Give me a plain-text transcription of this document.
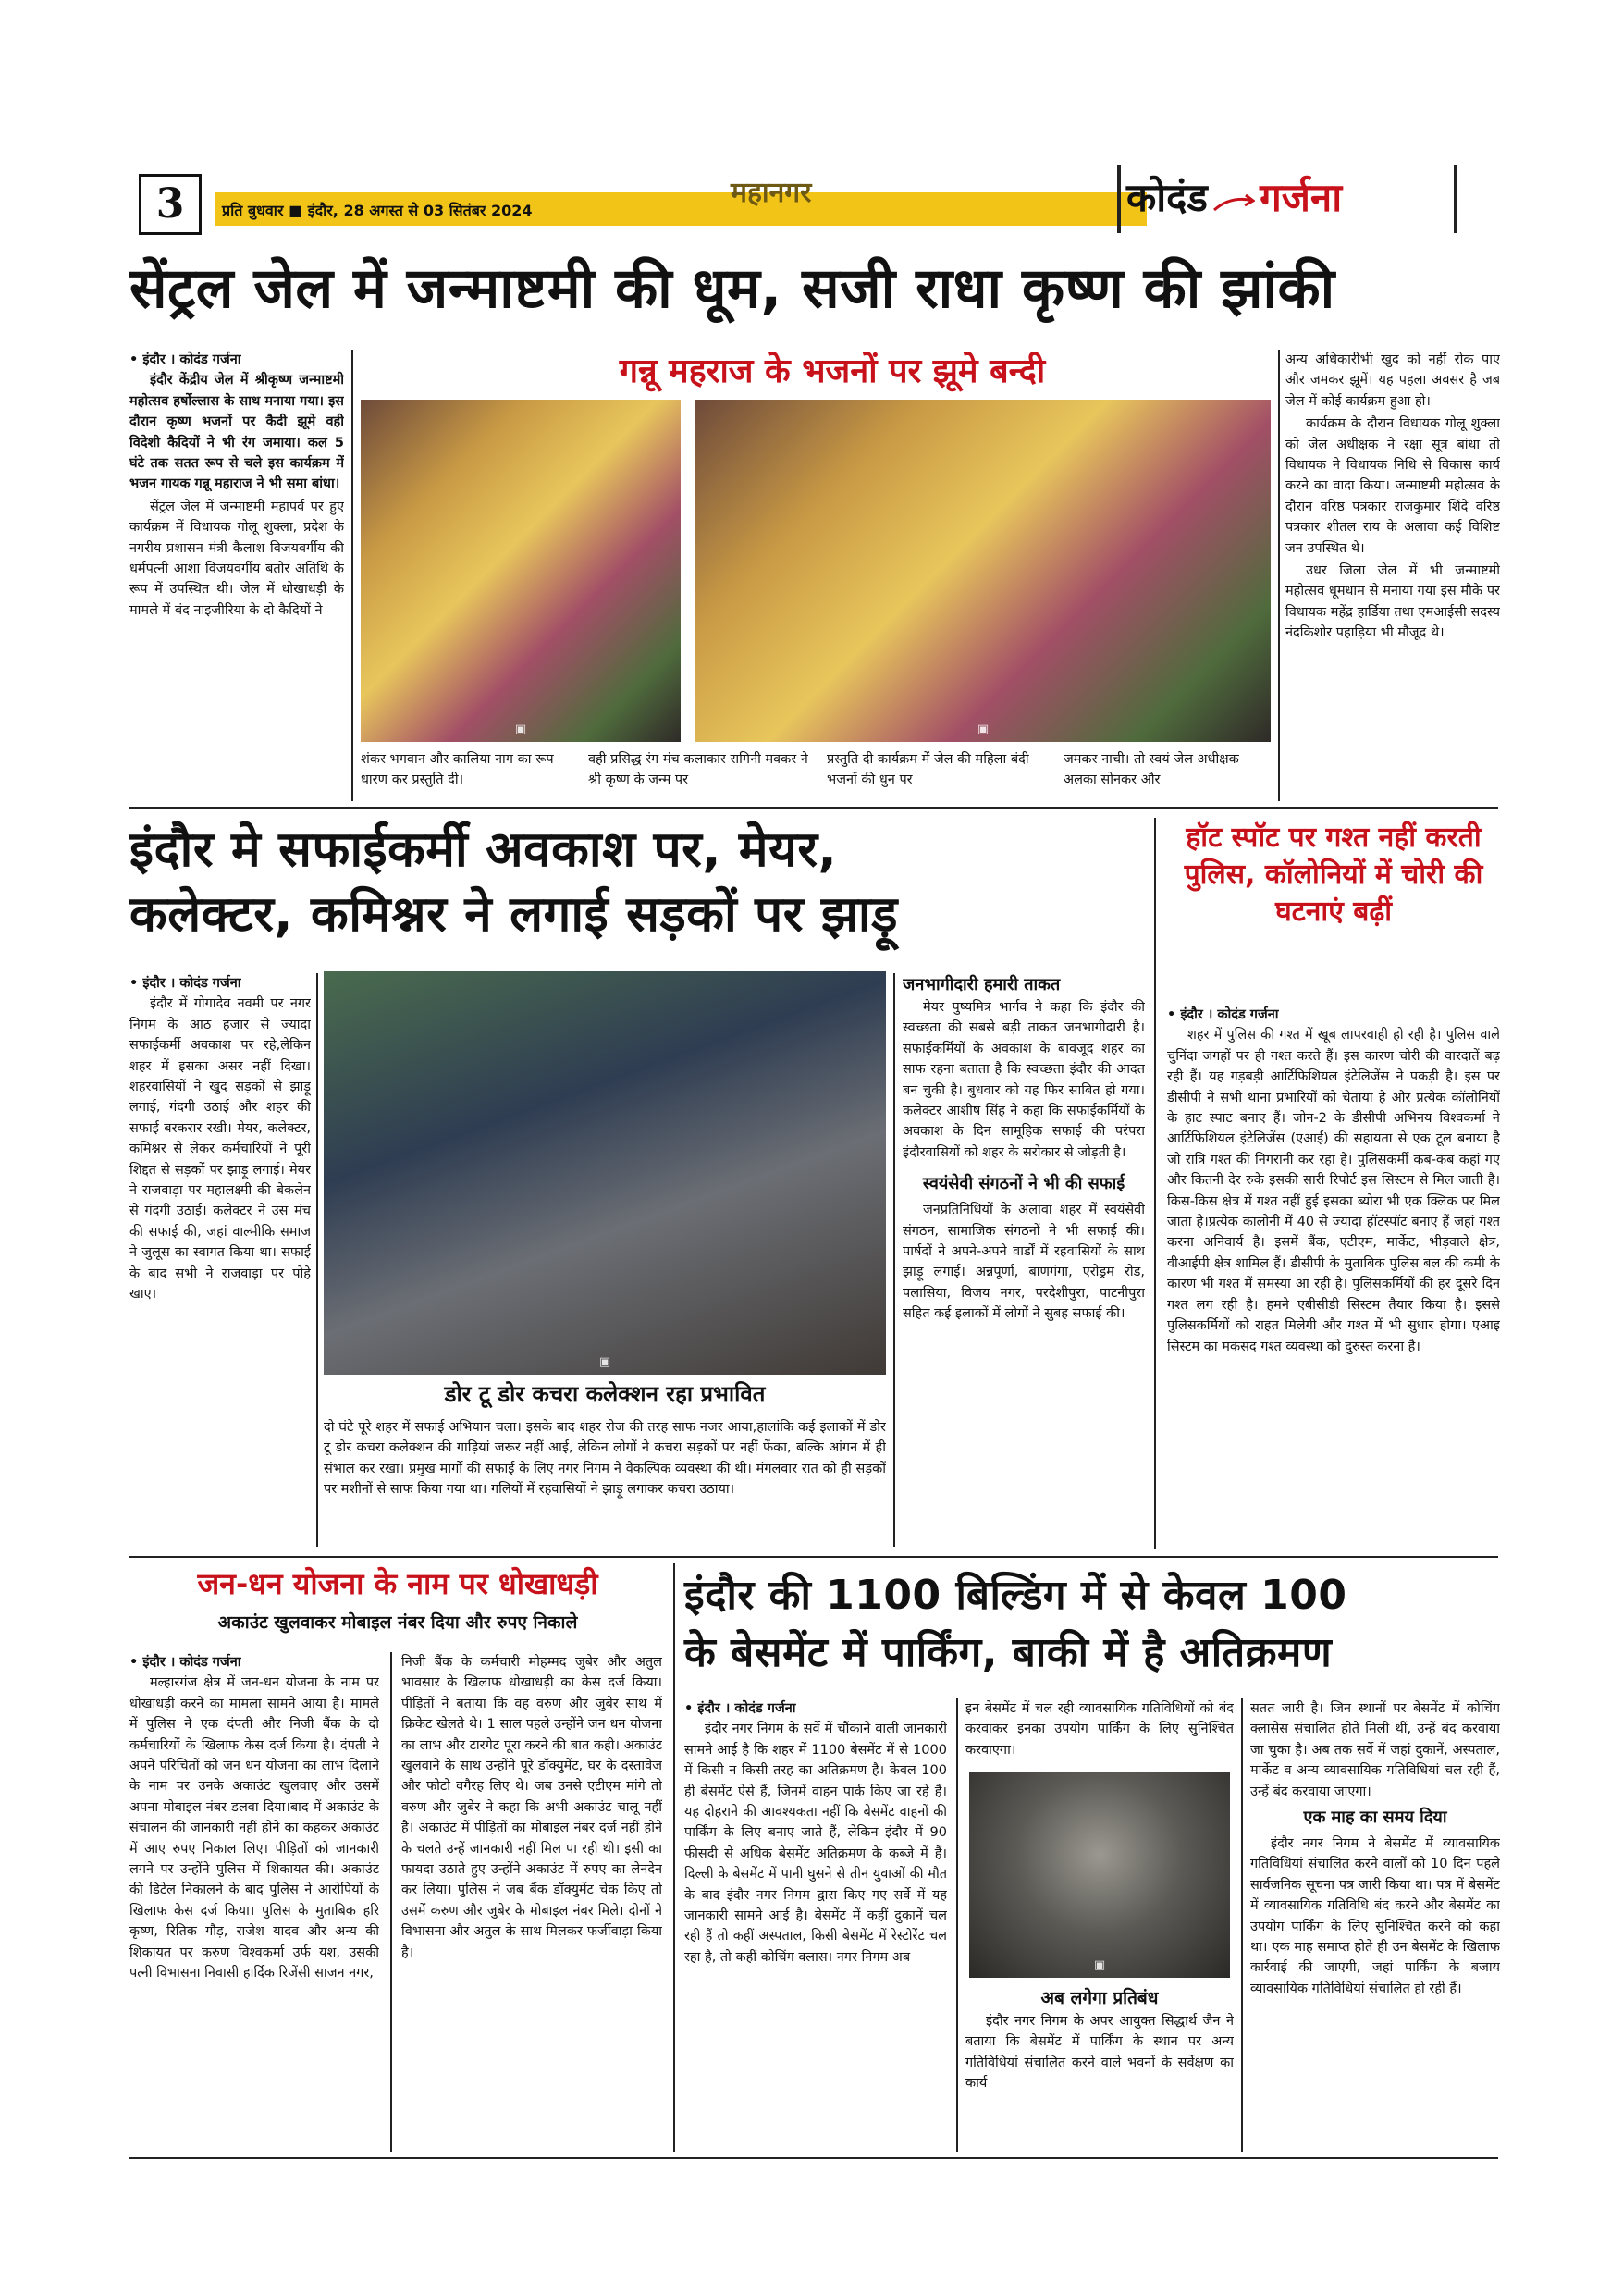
3	प्रति बुधवार ■ इंदौर, 28 अगस्त से 03 सितंबर 2024
महानगर	कोदंड गर्जना
सेंट्रल जेल में जन्माष्टमी की धूम, सजी राधा कृष्ण की झांकी
• इंदौर । कोदंड गर्जना

इंदौर केंद्रीय जेल में श्रीकृष्ण जन्माष्टमी महोत्सव हर्षोल्लास के साथ मनाया गया। इस दौरान कृष्ण भजनों पर कैदी झूमे वही विदेशी कैदियों ने भी रंग जमाया। कल 5 घंटे तक सतत रूप से चले इस कार्यक्रम में भजन गायक गन्नू महाराज ने भी समा बांधा।

सेंट्रल जेल में जन्माष्टमी महापर्व पर हुए कार्यक्रम में विधायक गोलू शुक्ला, प्रदेश के नगरीय प्रशासन मंत्री कैलाश विजयवर्गीय की धर्मपत्नी आशा विजयवर्गीय बतोर अतिथि के रूप में उपस्थित थी। जेल में धोखाधड़ी के मामले में बंद नाइजीरिया के दो कैदियों ने

गन्नू महराज के भजनों पर झूमे बन्दी
▣	▣
शंकर भगवान और कालिया नाग का रूप धारण कर प्रस्तुति दी।
वही प्रसिद्ध रंग मंच कलाकार रागिनी मक्कर ने श्री कृष्ण के जन्म पर
प्रस्तुति दी कार्यक्रम में जेल की महिला बंदी भजनों की धुन पर
जमकर नाची। तो स्वयं जेल अधीक्षक अलका सोनकर और

अन्य अधिकारीभी खुद को नहीं रोक पाए और जमकर झूमें। यह पहला अवसर है जब जेल में कोई कार्यक्रम हुआ हो।

कार्यक्रम के दौरान विधायक गोलू शुक्ला को जेल अधीक्षक ने रक्षा सूत्र बांधा तो विधायक ने विधायक निधि से विकास कार्य करने का वादा किया। जन्माष्टमी महोत्सव के दौरान वरिष्ठ पत्रकार राजकुमार शिंदे वरिष्ठ पत्रकार शीतल राय के अलावा कई विशिष्ट जन उपस्थित थे।

उधर जिला जेल में भी जन्माष्टमी महोत्सव धूमधाम से मनाया गया इस मौके पर विधायक महेंद्र हार्डिया तथा एमआईसी सदस्य नंदकिशोर पहाड़िया भी मौजूद थे।

इंदौर मे सफाईकर्मी अवकाश पर, मेयर,
कलेक्टर, कमिश्नर ने लगाई सड़कों पर झाड़ू
• इंदौर । कोदंड गर्जना

इंदौर में गोगादेव नवमी पर नगर निगम के आठ हजार से ज्यादा सफाईकर्मी अवकाश पर रहे,लेकिन शहर में इसका असर नहीं दिखा। शहरवासियों ने खुद सड़कों से झाड़ू लगाई, गंदगी उठाई और शहर की सफाई बरकरार रखी। मेयर, कलेक्टर, कमिश्नर से लेकर कर्मचारियों ने पूरी शिद्दत से सड़कों पर झाड़ू लगाई। मेयर ने राजवाड़ा पर महालक्ष्मी की बेकलेन से गंदगी उठाई। कलेक्टर ने उस मंच की सफाई की, जहां वाल्मीकि समाज ने जुलूस का स्वागत किया था। सफाई के बाद सभी ने राजवाड़ा पर पोहे खाए।

▣
डोर टू डोर कचरा कलेक्शन रहा प्रभावित
दो घंटे पूरे शहर में सफाई अभियान चला। इसके बाद शहर रोज की तरह साफ नजर आया,हालांकि कई इलाकों में डोर टू डोर कचरा कलेक्शन की गाड़ियां जरूर नहीं आई, लेकिन लोगों ने कचरा सड़कों पर नहीं फेंका, बल्कि आंगन में ही संभाल कर रखा। प्रमुख मार्गों की सफाई के लिए नगर निगम ने वैकल्पिक व्यवस्था की थी। मंगलवार रात को ही सड़कों पर मशीनों से साफ किया गया था। गलियों में रहवासियों ने झाड़ू लगाकर कचरा उठाया।
जनभागीदारी हमारी ताकत

मेयर पुष्यमित्र भार्गव ने कहा कि इंदौर की स्वच्छता की सबसे बड़ी ताकत जनभागीदारी है। सफाईकर्मियों के अवकाश के बावजूद शहर का साफ रहना बताता है कि स्वच्छता इंदौर की आदत बन चुकी है। बुधवार को यह फिर साबित हो गया। कलेक्टर आशीष सिंह ने कहा कि सफाईकर्मियों के अवकाश के दिन सामूहिक सफाई की परंपरा इंदौरवासियों को शहर के सरोकार से जोड़ती है।

स्वयंसेवी संगठनों ने भी की सफाई

जनप्रतिनिधियों के अलावा शहर में स्वयंसेवी संगठन, सामाजिक संगठनों ने भी सफाई की। पार्षदों ने अपने-अपने वार्डों में रहवासियों के साथ झाड़ू लगाई। अन्नपूर्णा, बाणगंगा, एरोड्रम रोड, पलासिया, विजय नगर, परदेशीपुरा, पाटनीपुरा सहित कई इलाकों में लोगों ने सुबह सफाई की।

हॉट स्पॉट पर गश्त नहीं करती पुलिस, कॉलोनियों में चोरी की घटनाएं बढ़ीं
• इंदौर । कोदंड गर्जना

शहर में पुलिस की गश्त में खूब लापरवाही हो रही है। पुलिस वाले चुनिंदा जगहों पर ही गश्त करते हैं। इस कारण चोरी की वारदातें बढ़ रही हैं। यह गड़बड़ी आर्टिफिशियल इंटेलिजेंस ने पकड़ी है। इस पर डीसीपी ने सभी थाना प्रभारियों को चेताया है और प्रत्येक कॉलोनियों के हाट स्पाट बनाए हैं। जोन-2 के डीसीपी अभिनय विश्वकर्मा ने आर्टिफिशियल इंटेलिजेंस (एआई) की सहायता से एक टूल बनाया है जो रात्रि गश्त की निगरानी कर रहा है। पुलिसकर्मी कब-कब कहां गए और कितनी देर रुके इसकी सारी रिपोर्ट इस सिस्टम से मिल जाती है। किस-किस क्षेत्र में गश्त नहीं हुई इसका ब्योरा भी एक क्लिक पर मिल जाता है।प्रत्येक कालोनी में 40 से ज्यादा हॉटस्पॉट बनाए हैं जहां गश्त करना अनिवार्य है। इसमें बैंक, एटीएम, मार्केट, भीड़वाले क्षेत्र, वीआईपी क्षेत्र शामिल हैं। डीसीपी के मुताबिक पुलिस बल की कमी के कारण भी गश्त में समस्या आ रही है। पुलिसकर्मियों की हर दूसरे दिन गश्त लग रही है। हमने एबीसीडी सिस्टम तैयार किया है। इससे पुलिसकर्मियों को राहत मिलेगी और गश्त में भी सुधार होगा। एआइ सिस्टम का मकसद गश्त व्यवस्था को दुरुस्त करना है।

जन-धन योजना के नाम पर धोखाधड़ी
अकाउंट खुलवाकर मोबाइल नंबर दिया और रुपए निकाले
• इंदौर । कोदंड गर्जना

मल्हारगंज क्षेत्र में जन-धन योजना के नाम पर धोखाधड़ी करने का मामला सामने आया है। मामले में पुलिस ने एक दंपती और निजी बैंक के दो कर्मचारियों के खिलाफ केस दर्ज किया है। दंपती ने अपने परिचितों को जन धन योजना का लाभ दिलाने के नाम पर उनके अकाउंट खुलवाए और उसमें अपना मोबाइल नंबर डलवा दिया।बाद में अकाउंट के संचालन की जानकारी नहीं होने का कहकर अकाउंट में आए रुपए निकाल लिए। पीड़ितों को जानकारी लगने पर उन्होंने पुलिस में शिकायत की। अकाउंट की डिटेल निकालने के बाद पुलिस ने आरोपियों के खिलाफ केस दर्ज किया। पुलिस के मुताबिक हरि कृष्ण, रितिक गौड़, राजेश यादव और अन्य की शिकायत पर करुण विश्वकर्मा उर्फ यश, उसकी पत्नी विभासना निवासी हार्दिक रिजेंसी साजन नगर,

निजी बैंक के कर्मचारी मोहम्मद जुबेर और अतुल भावसार के खिलाफ धोखाधड़ी का केस दर्ज किया। पीड़ितों ने बताया कि वह वरुण और जुबेर साथ में क्रिकेट खेलते थे। 1 साल पहले उन्होंने जन धन योजना का लाभ और टारगेट पूरा करने की बात कही। अकाउंट खुलवाने के साथ उन्होंने पूरे डॉक्युमेंट, घर के दस्तावेज और फोटो वगैरह लिए थे। जब उनसे एटीएम मांगे तो वरुण और जुबेर ने कहा कि अभी अकाउंट चालू नहीं है। अकाउंट में पीड़ितों का मोबाइल नंबर दर्ज नहीं होने के चलते उन्हें जानकारी नहीं मिल पा रही थी। इसी का फायदा उठाते हुए उन्होंने अकाउंट में रुपए का लेनदेन कर लिया। पुलिस ने जब बैंक डॉक्युमेंट चेक किए तो उसमें करुण और जुबेर के मोबाइल नंबर मिले। दोनों ने विभासना और अतुल के साथ मिलकर फर्जीवाड़ा किया है।

इंदौर की 1100 बिल्डिंग में से केवल 100
के बेसमेंट में पार्किंग, बाकी में है अतिक्रमण
• इंदौर । कोदंड गर्जना

इंदौर नगर निगम के सर्वे में चौंकाने वाली जानकारी सामने आई है कि शहर में 1100 बेसमेंट में से 1000 में किसी न किसी तरह का अतिक्रमण है। केवल 100 ही बेसमेंट ऐसे हैं, जिनमें वाहन पार्क किए जा रहे हैं। यह दोहराने की आवश्यकता नहीं कि बेसमेंट वाहनों की पार्किंग के लिए बनाए जाते हैं, लेकिन इंदौर में 90 फीसदी से अधिक बेसमेंट अतिक्रमण के कब्जे में हैं। दिल्ली के बेसमेंट में पानी घुसने से तीन युवाओं की मौत के बाद इंदौर नगर निगम द्वारा किए गए सर्वे में यह जानकारी सामने आई है। बेसमेंट में कहीं दुकानें चल रही हैं तो कहीं अस्पताल, किसी बेसमेंट में रेस्टोरेंट चल रहा है, तो कहीं कोचिंग क्लास। नगर निगम अब

इन बेसमेंट में चल रही व्यावसायिक गतिविधियों को बंद करवाकर इनका उपयोग पार्किंग के लिए सुनिश्चित करवाएगा।
▣
अब लगेगा प्रतिबंध

इंदौर नगर निगम के अपर आयुक्त सिद्धार्थ जैन ने बताया कि बेसमेंट में पार्किंग के स्थान पर अन्य गतिविधियां संचालित करने वाले भवनों के सर्वेक्षण का कार्य

सतत जारी है। जिन स्थानों पर बेसमेंट में कोचिंग क्लासेस संचालित होते मिली थीं, उन्हें बंद करवाया जा चुका है। अब तक सर्वे में जहां दुकानें, अस्पताल, मार्केट व अन्य व्यावसायिक गतिविधियां चल रही हैं, उन्हें बंद करवाया जाएगा।

एक माह का समय दिया

इंदौर नगर निगम ने बेसमेंट में व्यावसायिक गतिविधियां संचालित करने वालों को 10 दिन पहले सार्वजनिक सूचना पत्र जारी किया था। पत्र में बेसमेंट में व्यावसायिक गतिविधि बंद करने और बेसमेंट का उपयोग पार्किंग के लिए सुनिश्चित करने को कहा था। एक माह समाप्त होते ही उन बेसमेंट के खिलाफ कार्रवाई की जाएगी, जहां पार्किंग के बजाय व्यावसायिक गतिविधियां संचालित हो रही हैं।
